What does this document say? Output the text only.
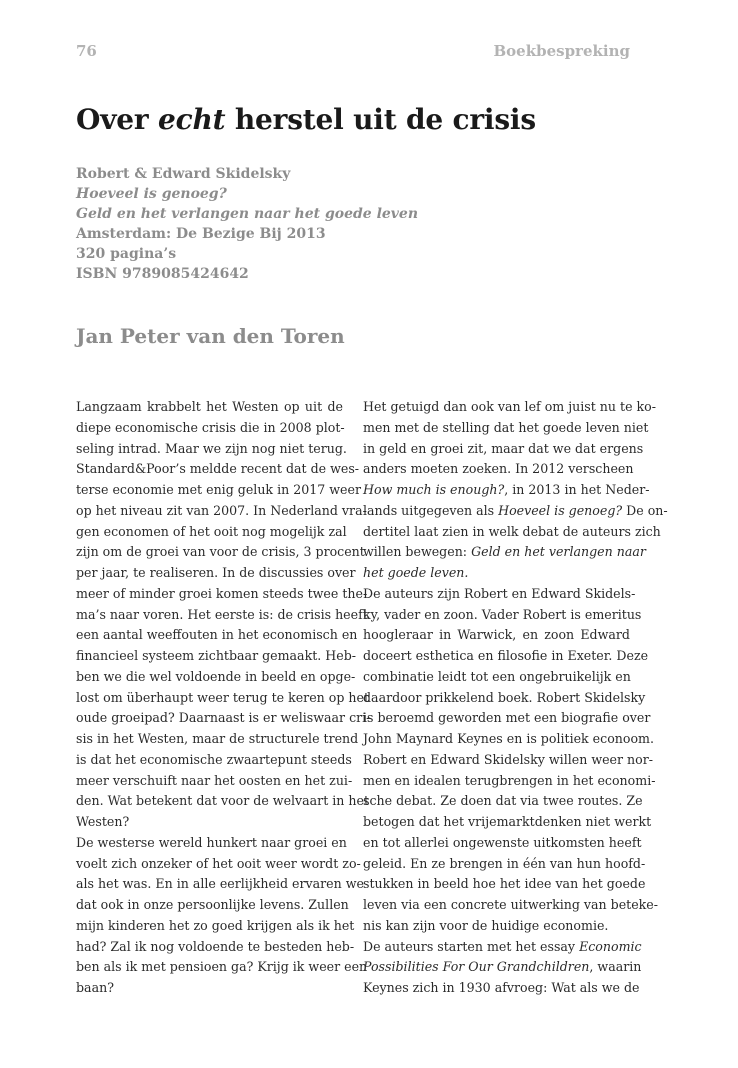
76	Boekbespreking
Over echt herstel uit de crisis
Robert & Edward Skidelsky
Hoeveel is genoeg?
Geld en het verlangen naar het goede leven
Amsterdam: De Bezige Bij 2013
320 pagina’s
ISBN 9789085424642
Jan Peter van den Toren
Langzaam krabbelt het Westen op uit de
diepe economische crisis die in 2008 plot-
seling intrad. Maar we zijn nog niet terug.
Standard&Poor’s meldde recent dat de wes-
terse economie met enig geluk in 2017 weer
op het niveau zit van 2007. In Nederland vra-
gen economen of het ooit nog mogelijk zal
zijn om de groei van voor de crisis, 3 procent
per jaar, te realiseren. In de discussies over
meer of minder groei komen steeds twee the-
ma’s naar voren. Het eerste is: de crisis heeft
een aantal weeffouten in het economisch en
financieel systeem zichtbaar gemaakt. Heb-
ben we die wel voldoende in beeld en opge-
lost om überhaupt weer terug te keren op het
oude groeipad? Daarnaast is er weliswaar cri-
sis in het Westen, maar de structurele trend
is dat het economische zwaartepunt steeds
meer verschuift naar het oosten en het zui-
den. Wat betekent dat voor de welvaart in het
Westen?
De westerse wereld hunkert naar groei en
voelt zich onzeker of het ooit weer wordt zo-
als het was. En in alle eerlijkheid ervaren we
dat ook in onze persoonlijke levens. Zullen
mijn kinderen het zo goed krijgen als ik het
had? Zal ik nog voldoende te besteden heb-
ben als ik met pensioen ga? Krijg ik weer een
baan?
Het getuigd dan ook van lef om juist nu te ko-
men met de stelling dat het goede leven niet
in geld en groei zit, maar dat we dat ergens
anders moeten zoeken. In 2012 verscheen
How much is enough?, in 2013 in het Neder-
lands uitgegeven als Hoeveel is genoeg? De on-
dertitel laat zien in welk debat de auteurs zich
willen bewegen: Geld en het verlangen naar
het goede leven.
De auteurs zijn Robert en Edward Skidels-
ky, vader en zoon. Vader Robert is emeritus
hoogleraar in Warwick, en zoon Edward
doceert esthetica en filosofie in Exeter. Deze
combinatie leidt tot een ongebruikelijk en
daardoor prikkelend boek. Robert Skidelsky
is beroemd geworden met een biografie over
John Maynard Keynes en is politiek econoom.
Robert en Edward Skidelsky willen weer nor-
men en idealen terugbrengen in het economi-
sche debat. Ze doen dat via twee routes. Ze
betogen dat het vrijemarktdenken niet werkt
en tot allerlei ongewenste uitkomsten heeft
geleid. En ze brengen in één van hun hoofd-
stukken in beeld hoe het idee van het goede
leven via een concrete uitwerking van beteke-
nis kan zijn voor de huidige economie.
De auteurs starten met het essay Economic
Possibilities For Our Grandchildren, waarin
Keynes zich in 1930 afvroeg: Wat als we de
